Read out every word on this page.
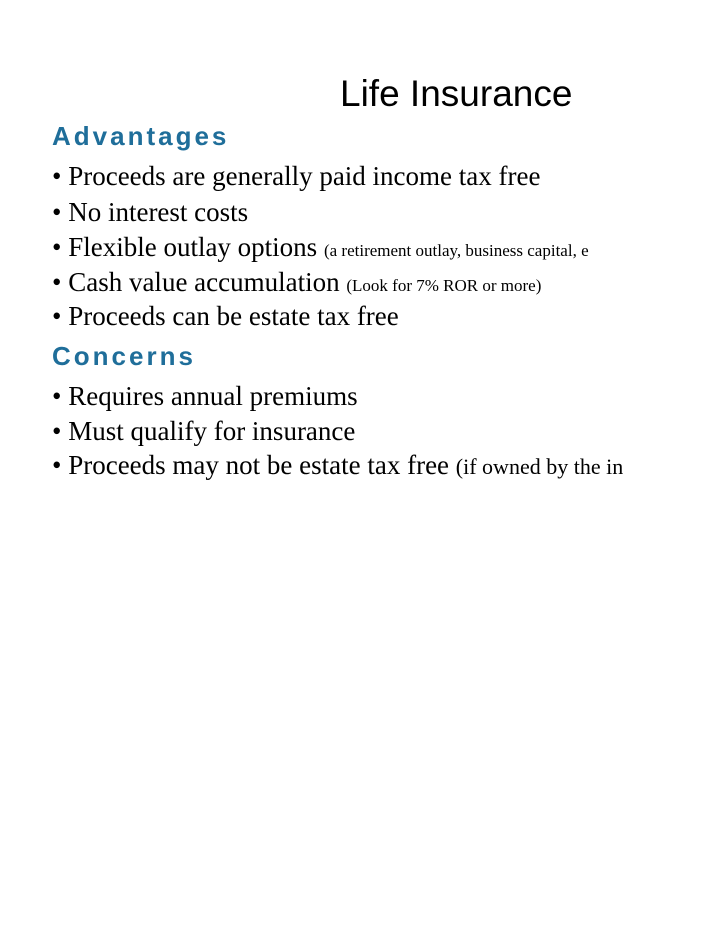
Life Insurance
Advantages
• Proceeds are generally paid income tax free
• No interest costs
• Flexible outlay options (a retirement outlay, business capital, e
• Cash value accumulation (Look for 7% ROR or more)
• Proceeds can be estate tax free
Concerns
• Requires annual premiums
• Must qualify for insurance
• Proceeds may not be estate tax free (if owned by the in
